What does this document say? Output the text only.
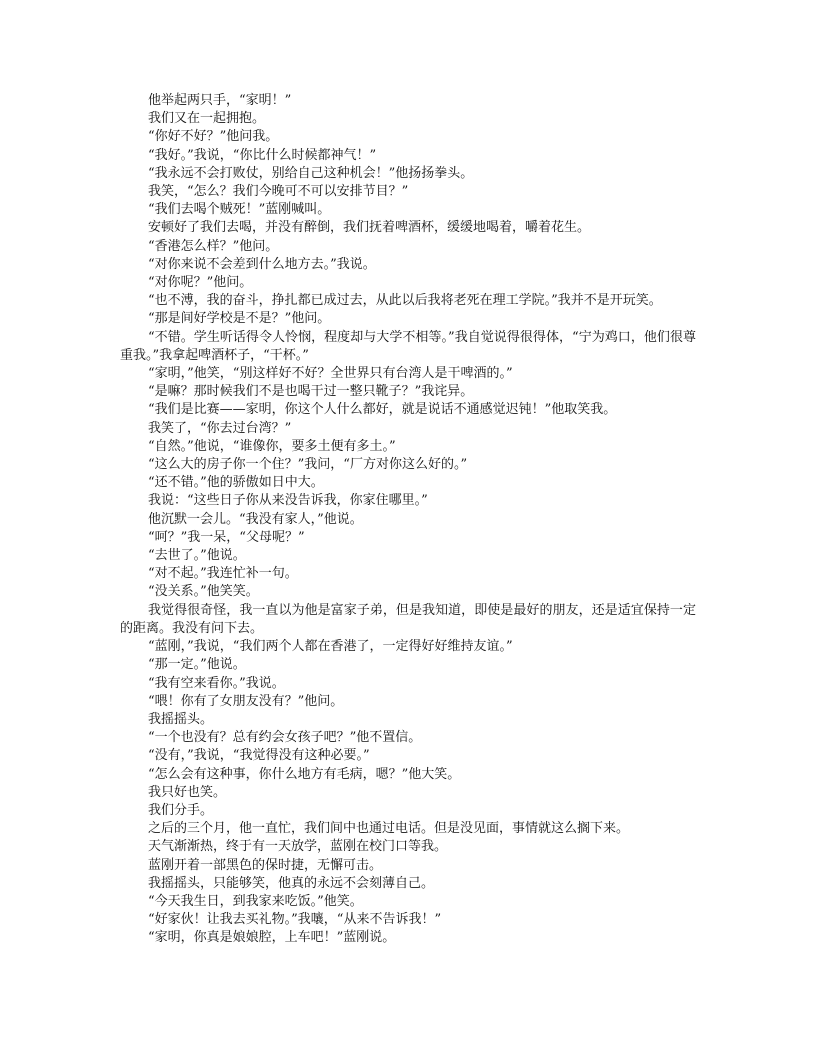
他举起两只手，“家明！”

我们又在一起拥抱。

“你好不好？”他问我。

“我好。”我说，“你比什么时候都神气！”

“我永远不会打败仗，别给自己这种机会！”他扬扬拳头。

我笑，“怎么？我们今晚可不可以安排节目？”

“我们去喝个贼死！”蓝刚喊叫。

安顿好了我们去喝，并没有醉倒，我们抚着啤酒杯，缓缓地喝着，嚼着花生。

“香港怎么样？”他问。

“对你来说不会差到什么地方去。”我说。

“对你呢？”他问。

“也不溥，我的奋斗，挣扎都已成过去，从此以后我将老死在理工学院。”我并不是开玩笑。

“那是间好学校是不是？”他问。

“不错。学生听话得令人怜悯，程度却与大学不相等。”我自觉说得很得体，“宁为鸡口，他们很尊重我。”我拿起啤酒杯子，“干杯。”

“家明，”他笑，“别这样好不好？全世界只有台湾人是干啤酒的。”

“是嘛？那时候我们不是也喝干过一整只靴子？”我诧异。

“我们是比赛——家明，你这个人什么都好，就是说话不通感觉迟钝！”他取笑我。

我笑了，“你去过台湾？”

“自然。”他说，“谁像你，要多土便有多土。”

“这么大的房子你一个住？”我问，“厂方对你这么好的。”

“还不错。”他的骄傲如日中大。

我说：“这些日子你从来没告诉我，你家住哪里。”

他沉默一会儿。“我没有家人，”他说。

“呵？”我一呆，“父母呢？”

“去世了。”他说。

“对不起。”我连忙补一句。

“没关系。”他笑笑。

我觉得很奇怪，我一直以为他是富家子弟，但是我知道，即使是最好的朋友，还是适宜保持一定的距离。我没有问下去。

“蓝刚，”我说，“我们两个人都在香港了，一定得好好维持友谊。”

“那一定。”他说。

“我有空来看你。”我说。

“喂！你有了女朋友没有？”他问。

我摇摇头。

“一个也没有？总有约会女孩子吧？”他不置信。

“没有，”我说，“我觉得没有这种必要。”

“怎么会有这种事，你什么地方有毛病，嗯？”他大笑。

我只好也笑。

我们分手。

之后的三个月，他一直忙，我们间中也通过电话。但是没见面，事情就这么搁下来。

天气渐渐热，终于有一天放学，蓝刚在校门口等我。

蓝刚开着一部黑色的保时捷，无懈可击。

我摇摇头，只能够笑，他真的永远不会刻薄自己。

“今天我生日，到我家来吃饭。”他笑。

“好家伙！让我去买礼物。”我嚷，“从来不告诉我！”

“家明，你真是娘娘腔，上车吧！”蓝刚说。
